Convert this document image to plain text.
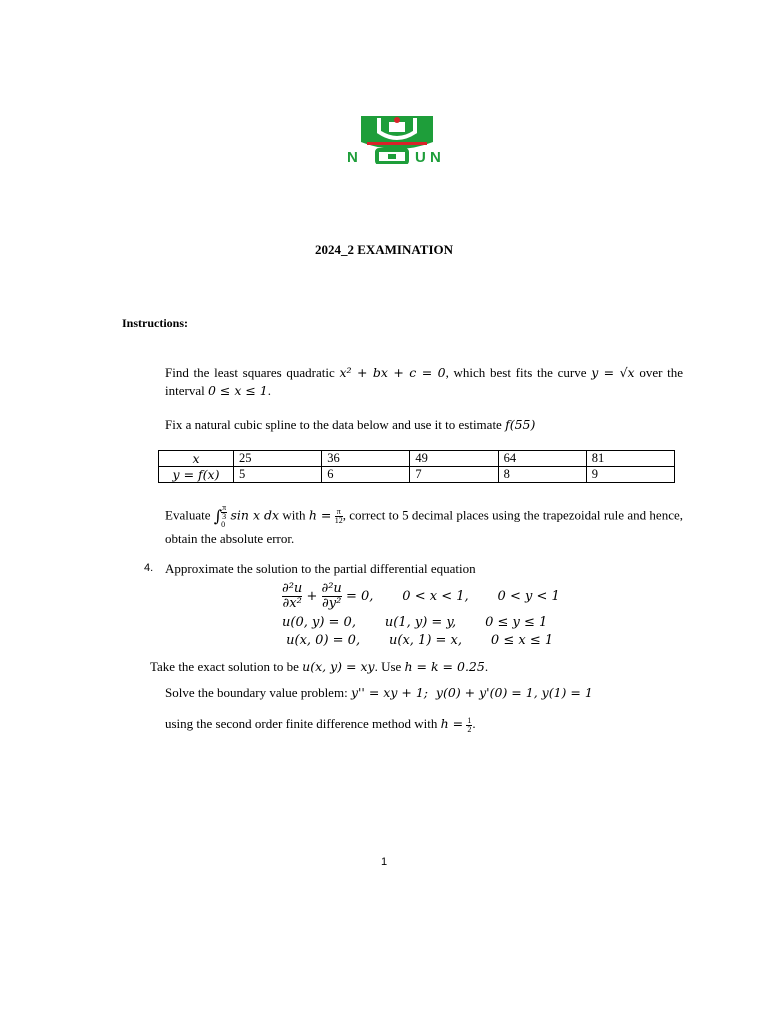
N	U N
2024_2 EXAMINATION
Instructions:
Find the least squares quadratic x² + bx + c = 0, which best fits the curve y = √x over the interval 0 ≤ x ≤ 1.
Fix a natural cubic spline to the data below and use it to estimate f(55)
x	25	36	49	64	81
y = f(x)	5	6	7	8	9
Evaluate ∫ π
3
0
sin x dx with $h = \frac{\pi}{12}$ , correct to 5 decimal places using the trapezoidal rule and hence, obtain the absolute error.
4. Approximate the solution to the partial differential equation
$\frac{\text{∂²u}}{\text{∂x²}} + \frac{\text{∂²u}}{\text{∂y²}} = 0$,       0 < x < 1,       0 < y < 1
u(0, y) = 0,       u(1, y) = y,       0 ≤ y ≤ 1
u(x, 0) = 0,       u(x, 1) = x,       0 ≤ x ≤ 1
Take the exact solution to be u(x, y) = xy. Use h = k = 0.25.
Solve the boundary value problem: y'' = xy + 1;  y(0) + y'(0) = 1, y(1) = 1
using the second order finite difference method with $h = \frac{1}{2}$ .
1
